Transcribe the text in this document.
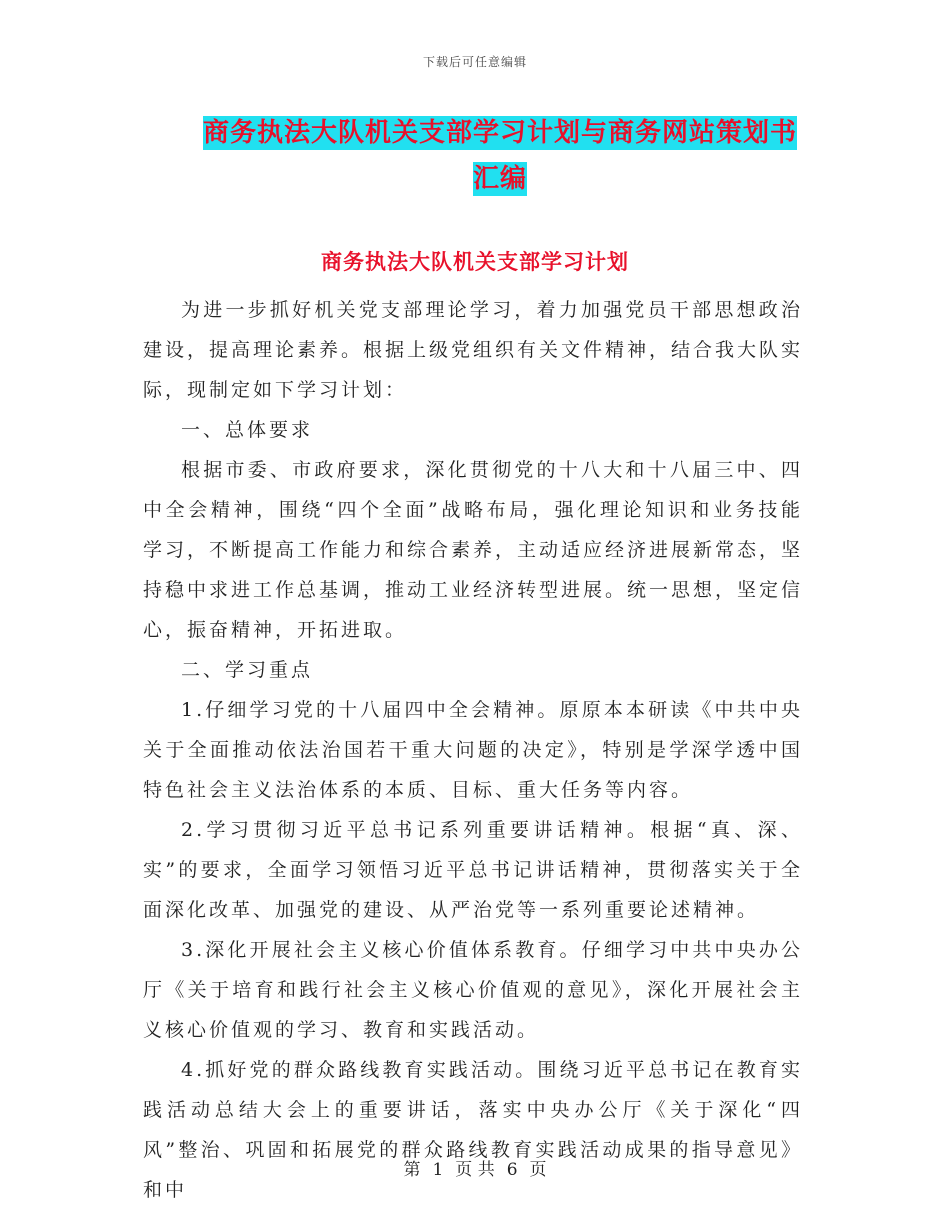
下载后可任意编辑
商务执法大队机关支部学习计划与商务网站策划书汇编
商务执法大队机关支部学习计划

为进一步抓好机关党支部理论学习，着力加强党员干部思想政治建设，提高理论素养。根据上级党组织有关文件精神，结合我大队实际，现制定如下学习计划：

一、总体要求

根据市委、市政府要求，深化贯彻党的十八大和十八届三中、四中全会精神，围绕“四个全面”战略布局，强化理论知识和业务技能学习，不断提高工作能力和综合素养，主动适应经济进展新常态，坚持稳中求进工作总基调，推动工业经济转型进展。统一思想，坚定信心，振奋精神，开拓进取。

二、学习重点

1.仔细学习党的十八届四中全会精神。原原本本研读《中共中央关于全面推动依法治国若干重大问题的决定》，特别是学深学透中国特色社会主义法治体系的本质、目标、重大任务等内容。

2.学习贯彻习近平总书记系列重要讲话精神。根据“真、深、实”的要求，全面学习领悟习近平总书记讲话精神，贯彻落实关于全面深化改革、加强党的建设、从严治党等一系列重要论述精神。

3.深化开展社会主义核心价值体系教育。仔细学习中共中央办公厅《关于培育和践行社会主义核心价值观的意见》，深化开展社会主义核心价值观的学习、教育和实践活动。

4.抓好党的群众路线教育实践活动。围绕习近平总书记在教育实践活动总结大会上的重要讲话，落实中央办公厅《关于深化“四风”整治、巩固和拓展党的群众路线教育实践活动成果的指导意见》和中

第 1 页 共 6 页
